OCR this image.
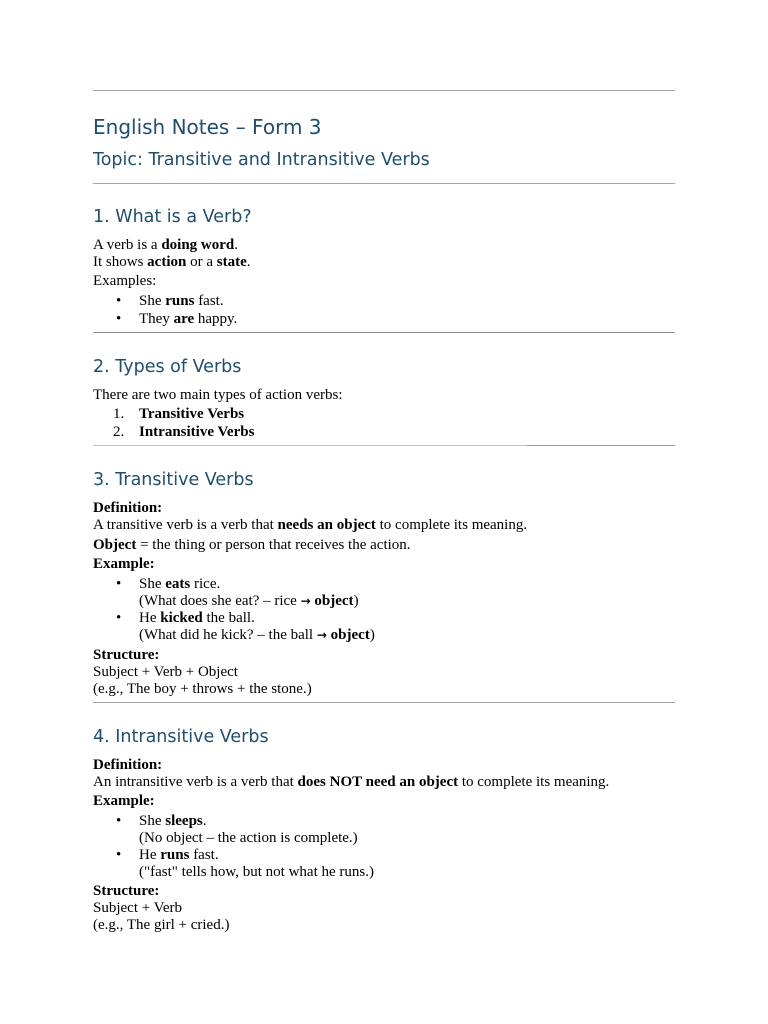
English Notes – Form 3
Topic: Transitive and Intransitive Verbs
1. What is a Verb?

A verb is a doing word.

It shows action or a state.

Examples:

• She runs fast.

• They are happy.

2. Types of Verbs

There are two main types of action verbs:

1. Transitive Verbs

2. Intransitive Verbs

3. Transitive Verbs

Definition:

A transitive verb is a verb that needs an object to complete its meaning.

Object = the thing or person that receives the action.

Example:

• She eats rice.

(What does she eat? – rice → object)

• He kicked the ball.

(What did he kick? – the ball → object)

Structure:

Subject + Verb + Object

(e.g., The boy + throws + the stone.)

4. Intransitive Verbs

Definition:

An intransitive verb is a verb that does NOT need an object to complete its meaning.

Example:

• She sleeps.

(No object – the action is complete.)

• He runs fast.

("fast" tells how, but not what he runs.)

Structure:

Subject + Verb

(e.g., The girl + cried.)
